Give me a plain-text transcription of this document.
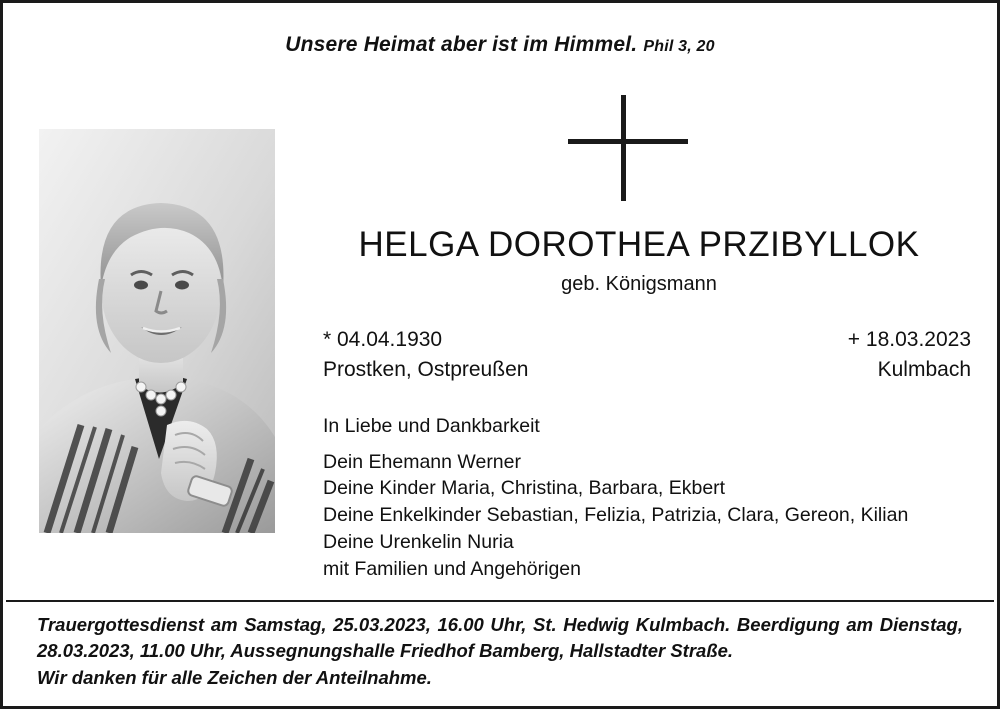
Unsere Heimat aber ist im Himmel. Phil 3, 20
HELGA DOROTHEA PRZIBYLLOK
geb. Königsmann
* 04.04.1930	+ 18.03.2023
Prostken, Ostpreußen	Kulmbach
In Liebe und Dankbarkeit
Dein Ehemann Werner
Deine Kinder Maria, Christina, Barbara, Ekbert
Deine Enkelkinder Sebastian, Felizia, Patrizia, Clara, Gereon, Kilian
Deine Urenkelin Nuria
mit Familien und Angehörigen
Trauergottesdienst am Samstag, 25.03.2023, 16.00 Uhr, St. Hedwig Kulmbach. Beerdigung am Dienstag, 28.03.2023, 11.00 Uhr, Aussegnungshalle Friedhof Bamberg, Hallstadter Straße.
Wir danken für alle Zeichen der Anteilnahme.
